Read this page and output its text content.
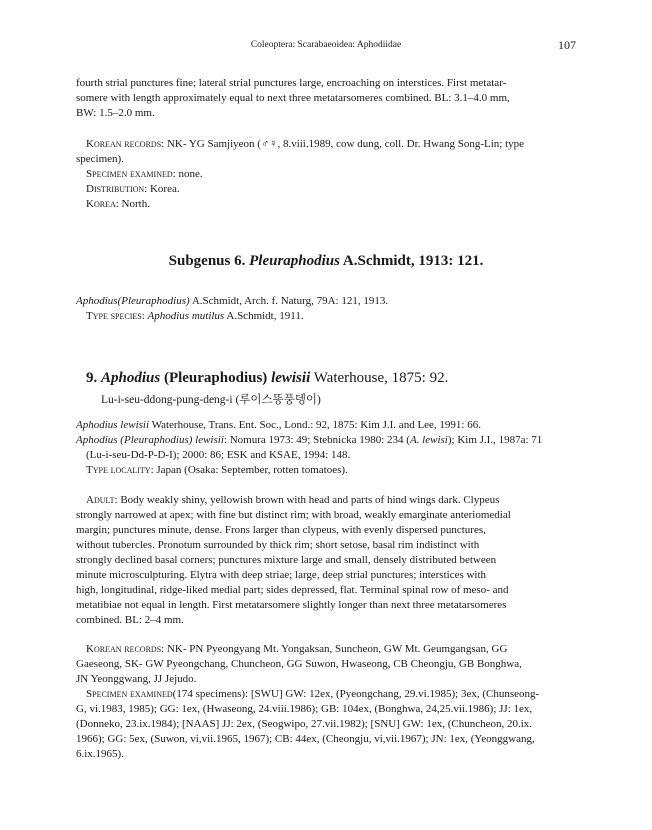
Coleoptera: Scarabaeoidea: Aphodiidae	107

fourth strial punctures fine; lateral strial punctures large, encroaching on interstices. First metatar-

somere with length approximately equal to next three metatarsomeres combined. BL: 3.1–4.0 mm,

BW: 1.5–2.0 mm.

Korean records: NK- YG Samjiyeon (♂♀, 8.viii.1989, cow dung, coll. Dr. Hwang Song-Lin; type

specimen).

Specimen examined: none.

Distribution: Korea.

Korea: North.

Subgenus 6. Pleuraphodius A.Schmidt, 1913: 121.

Aphodius(Pleuraphodius) A.Schmidt, Arch. f. Naturg, 79A: 121, 1913.

Type species: Aphodius mutilus A.Schmidt, 1911.

9. Aphodius (Pleuraphodius) lewisii Waterhouse, 1875: 92.
Lu-i-seu-ddong-pung-deng-i (루이스똥풍뎅이)

Aphodius lewisii Waterhouse, Trans. Ent. Soc., Lond.: 92, 1875: Kim J.I. and Lee, 1991: 66.

Aphodius (Pleuraphodius) lewisii: Nomura 1973: 49; Stebnicka 1980: 234 (A. lewisi); Kim J.I., 1987a: 71

(Lu-i-seu-Dd-P-D-I); 2000: 86; ESK and KSAE, 1994: 148.

Type locality: Japan (Osaka: September, rotten tomatoes).

Adult: Body weakly shiny, yellowish brown with head and parts of hind wings dark. Clypeus

strongly narrowed at apex; with fine but distinct rim; with broad, weakly emarginate anteriomedial

margin; punctures minute, dense. Frons larger than clypeus, with evenly dispersed punctures,

without tubercles. Pronotum surrounded by thick rim; short setose, basal rim indistinct with

strongly declined basal corners; punctures mixture large and small, densely distributed between

minute microsculpturing. Elytra with deep striae; large, deep strial punctures; interstices with

high, longitudinal, ridge-liked medial part; sides depressed, flat. Terminal spinal row of meso- and

metatibiae not equal in length. First metatarsomere slightly longer than next three metatarsomeres

combined. BL: 2–4 mm.

Korean records: NK- PN Pyeongyang Mt. Yongaksan, Suncheon, GW Mt. Geumgangsan, GG

Gaeseong, SK- GW Pyeongchang, Chuncheon, GG Suwon, Hwaseong, CB Cheongju, GB Bonghwa,

JN Yeonggwang, JJ Jejudo.

Specimen examined(174 specimens): [SWU] GW: 12ex, (Pyeongchang, 29.vi.1985); 3ex, (Chunseong-

G, vi.1983, 1985); GG: 1ex, (Hwaseong, 24.viii.1986); GB: 104ex, (Bonghwa, 24,25.vii.1986); JJ: 1ex,

(Donneko, 23.ix.1984); [NAAS] JJ: 2ex, (Seogwipo, 27.vii.1982); [SNU] GW: 1ex, (Chuncheon, 20.ix.

1966); GG: 5ex, (Suwon, vi,vii.1965, 1967); CB: 44ex, (Cheongju, vi,vii.1967); JN: 1ex, (Yeonggwang,

6.ix.1965).
